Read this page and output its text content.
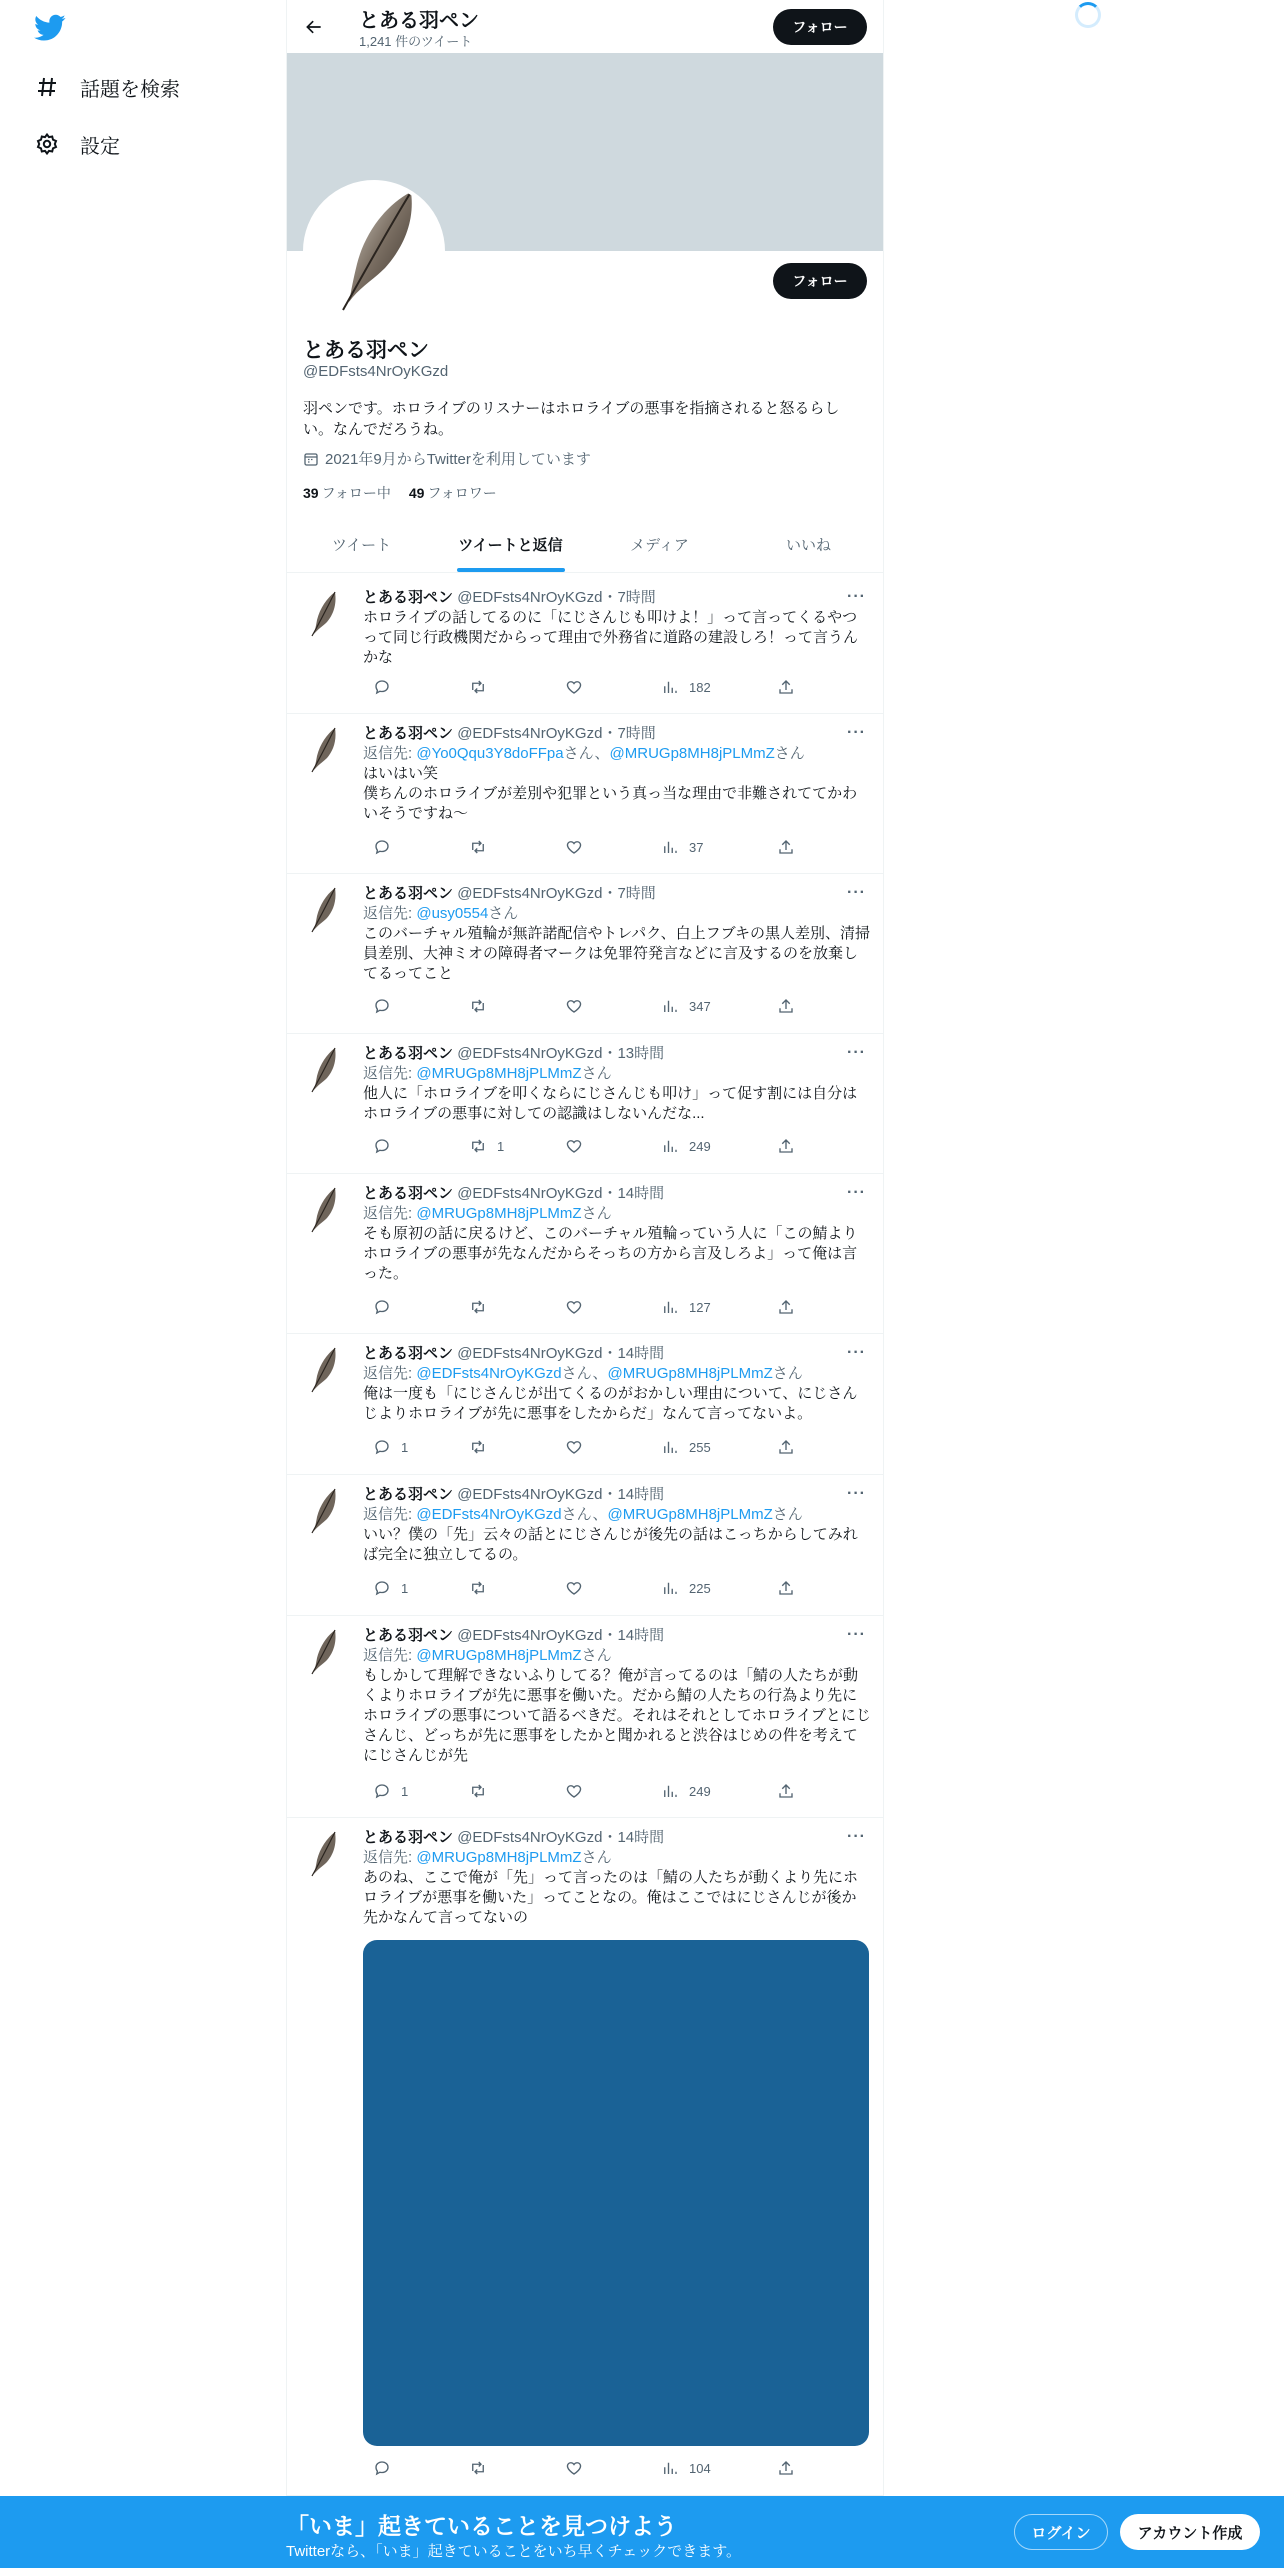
話題を検索
設定
とある羽ペン
1,241 件のツイート
フォロー
フォロー
とある羽ペン
@EDFsts4NrOyKGzd
羽ペンです。ホロライブのリスナーはホロライブの悪事を指摘されると怒るらしい。なんでだろうね。
2021年9月からTwitterを利用しています
39 フォロー中 49 フォロワー
ツイート	ツイートと返信	メディア	いいね
とある羽ペン @EDFsts4NrOyKGzd・7時間
ホロライブの話してるのに「にじさんじも叩けよ！」って言ってくるやつって同じ行政機関だからって理由で外務省に道路の建設しろ！って言うんかな
···
182
とある羽ペン @EDFsts4NrOyKGzd・7時間
返信先: @Yo0Qqu3Y8doFFpaさん、@MRUGp8MH8jPLMmZさん
はいはい笑
僕ちんのホロライブが差別や犯罪という真っ当な理由で非難されててかわいそうですね〜
···
37
とある羽ペン @EDFsts4NrOyKGzd・7時間
返信先: @usy0554さん
このバーチャル殖輪が無許諾配信やトレパク、白上フブキの黒人差別、清掃員差別、大神ミオの障碍者マークは免罪符発言などに言及するのを放棄してるってこと
···
347
とある羽ペン @EDFsts4NrOyKGzd・13時間
返信先: @MRUGp8MH8jPLMmZさん
他人に「ホロライブを叩くならにじさんじも叩け」って促す割には自分はホロライブの悪事に対しての認識はしないんだな...
···
1	249
とある羽ペン @EDFsts4NrOyKGzd・14時間
返信先: @MRUGp8MH8jPLMmZさん
そも原初の話に戻るけど、このバーチャル殖輪っていう人に「この鯖よりホロライブの悪事が先なんだからそっちの方から言及しろよ」って俺は言った。
···
127
とある羽ペン @EDFsts4NrOyKGzd・14時間
返信先: @EDFsts4NrOyKGzdさん、@MRUGp8MH8jPLMmZさん
俺は一度も「にじさんじが出てくるのがおかしい理由について、にじさんじよりホロライブが先に悪事をしたからだ」なんて言ってないよ。
···
1	255
とある羽ペン @EDFsts4NrOyKGzd・14時間
返信先: @EDFsts4NrOyKGzdさん、@MRUGp8MH8jPLMmZさん
いい？僕の「先」云々の話とにじさんじが後先の話はこっちからしてみれば完全に独立してるの。
···
1	225
とある羽ペン @EDFsts4NrOyKGzd・14時間
返信先: @MRUGp8MH8jPLMmZさん
もしかして理解できないふりしてる？俺が言ってるのは「鯖の人たちが動くよりホロライブが先に悪事を働いた。だから鯖の人たちの行為より先にホロライブの悪事について語るべきだ。それはそれとしてホロライブとにじさんじ、どっちが先に悪事をしたかと聞かれると渋谷はじめの件を考えてにじさんじが先
···
1	249
とある羽ペン @EDFsts4NrOyKGzd・14時間
返信先: @MRUGp8MH8jPLMmZさん
あのね、ここで俺が「先」って言ったのは「鯖の人たちが動くより先にホロライブが悪事を働いた」ってことなの。俺はここではにじさんじが後か先かなんて言ってないの
···
104
「いま」起きていることを見つけよう
Twitterなら、「いま」起きていることをいち早くチェックできます。
ログイン	アカウント作成
